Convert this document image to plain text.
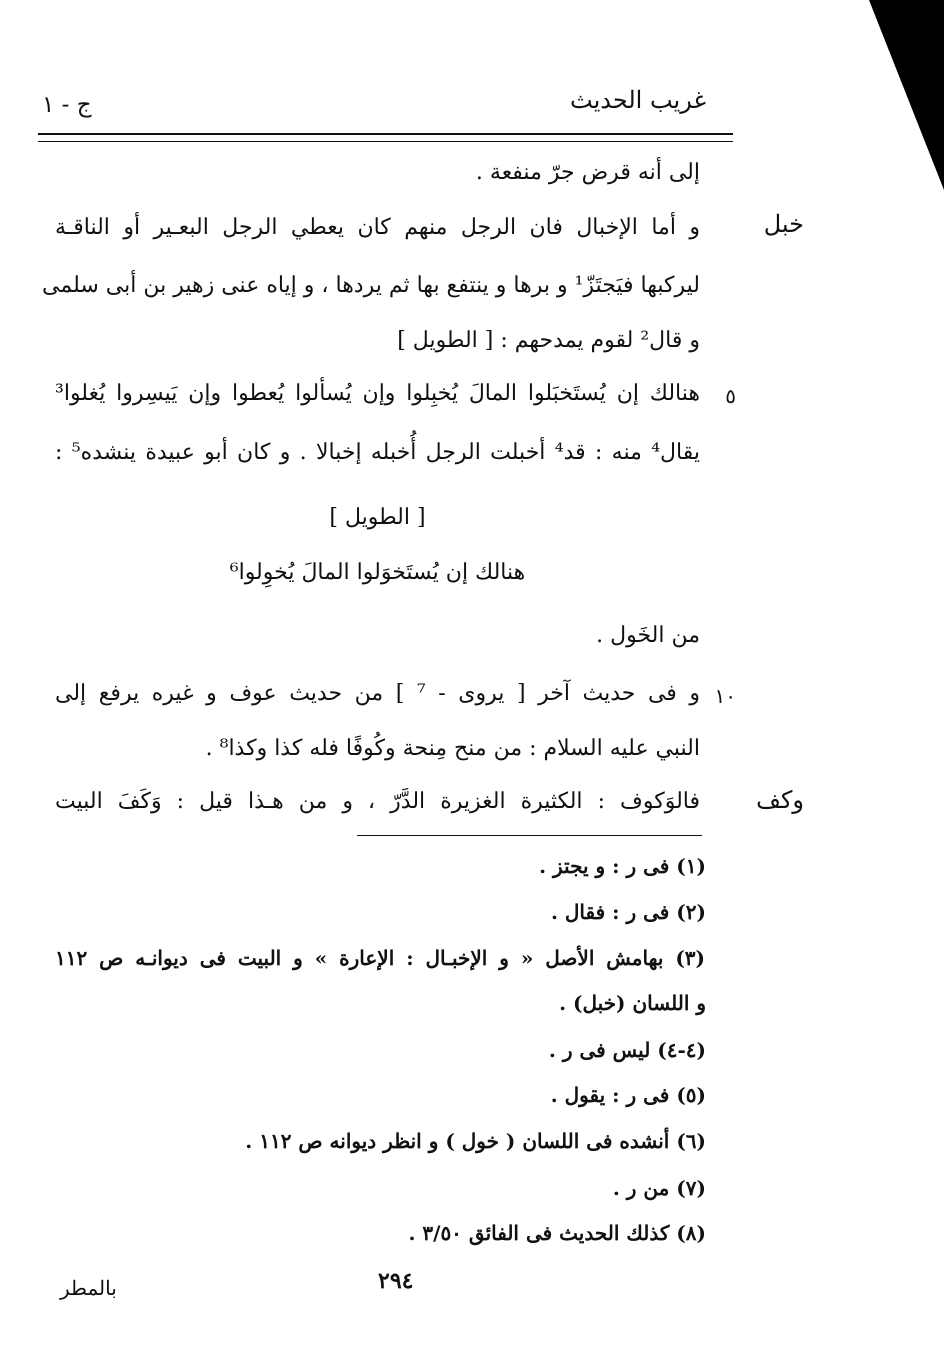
غريب الحديث
ج - ١
إلى أنه قرض جرّ منفعة .
خبل
و أما الإخبال فان الرجل منهم كان يعطي الرجل البعـير أو الناقـة
ليركبها فيَجتَزّ¹ و برها و ينتفع بها ثم يردها ، و إياه عنى زهير بن أبى سلمى
و قال² لقوم يمدحهم : [ الطويل ]
٥
هنالك إن يُستَخبَلوا المالَ يُخبِلوا وإن يُسألوا يُعطوا وإن يَيسِروا يُغلوا³
يقال⁴ منه : قد⁴ أخبلت الرجل أُخبله إخبالا . و كان أبو عبيدة ينشده⁵ :
[ الطويل ]
هنالك إن يُستَخوَلوا المالَ يُخوِلوا⁶
من الخَول .
١٠
و فى حديث آخر [ يروى - ⁷ ] من حديث عوف و غيره يرفع إلى
النبي عليه السلام : من منح مِنحة وكُوفًا فله كذا وكذا⁸ .
وكف
فالوَكوف : الكثيرة الغزيرة الدَّرّ ، و من هـذا قيل : وَكَفَ البيت
(١) فى ر : و يجتز .
(٢) فى ر : فقال .
(٣) بهامش الأصل « و الإخبـال : الإعارة » و البيت فى ديوانـه ص ١١٢
و اللسان (خبل) .
(٤-٤) ليس فى ر .
(٥) فى ر : يقول .
(٦) أنشده فى اللسان ( خول ) و انظر ديوانه ص ١١٢ .
(٧) من ر .
(٨) كذلك الحديث فى الفائق ٣/٥٠ .
٢٩٤
بالمطر
